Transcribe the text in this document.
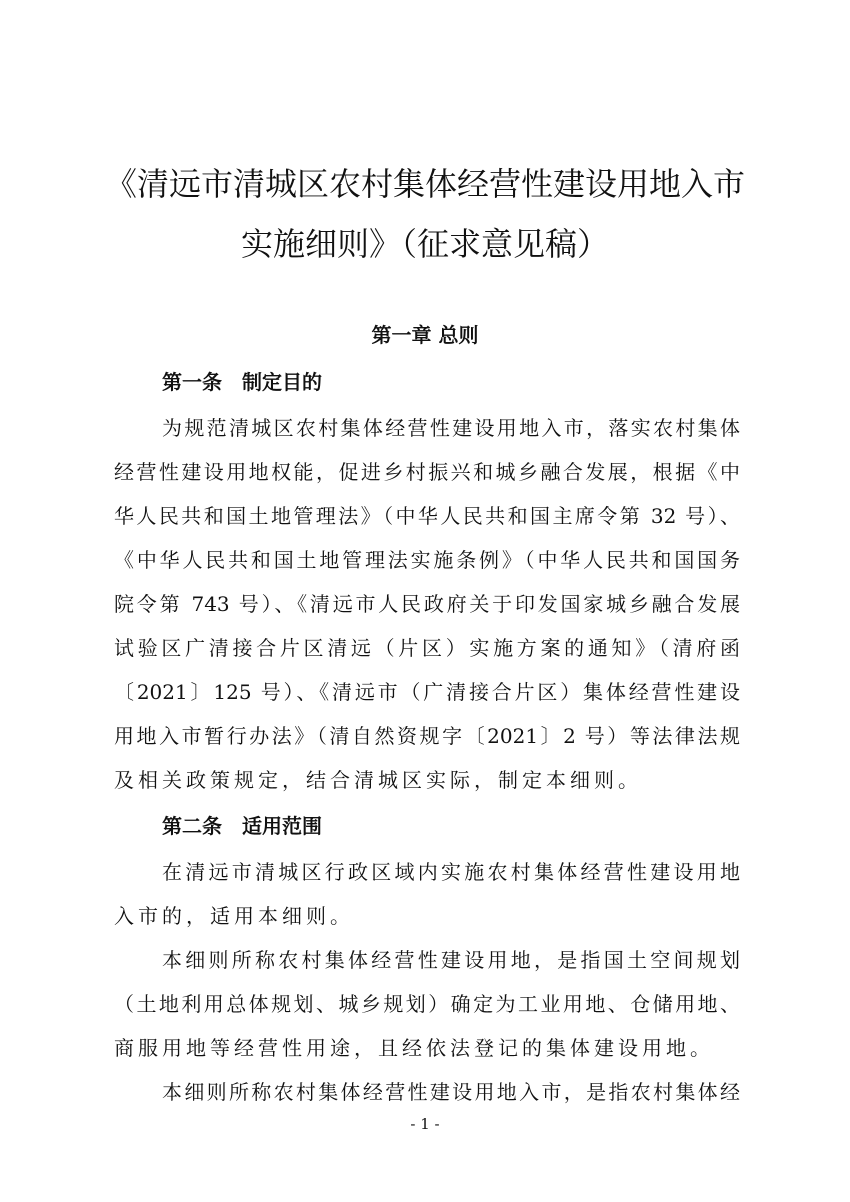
《清远市清城区农村集体经营性建设用地入市
实施细则》（征求意见稿）
第一章 总则
第一条　制定目的
为规范清城区农村集体经营性建设用地入市，落实农村集体
经营性建设用地权能，促进乡村振兴和城乡融合发展，根据《中
华人民共和国土地管理法》（中华人民共和国主席令第 32 号）、
《中华人民共和国土地管理法实施条例》（中华人民共和国国务
院令第 743 号）、《清远市人民政府关于印发国家城乡融合发展
试验区广清接合片区清远（片区）实施方案的通知》（清府函
〔2021〕125 号）、《清远市（广清接合片区）集体经营性建设
用地入市暂行办法》（清自然资规字〔2021〕2 号）等法律法规
及相关政策规定，结合清城区实际，制定本细则。
第二条　适用范围
在清远市清城区行政区域内实施农村集体经营性建设用地
入市的，适用本细则。
本细则所称农村集体经营性建设用地，是指国土空间规划
（土地利用总体规划、城乡规划）确定为工业用地、仓储用地、
商服用地等经营性用途，且经依法登记的集体建设用地。
本细则所称农村集体经营性建设用地入市，是指农村集体经
- 1 -
